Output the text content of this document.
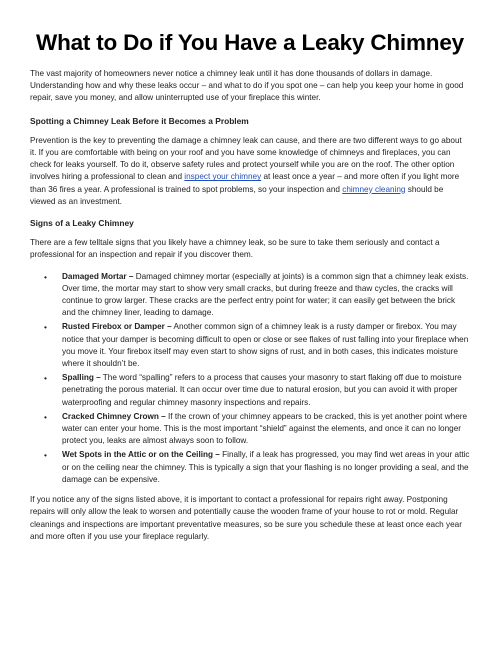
What to Do if You Have a Leaky Chimney

The vast majority of homeowners never notice a chimney leak until it has done thousands of dollars in damage. Understanding how and why these leaks occur – and what to do if you spot one – can help you keep your home in good repair, save you money, and allow uninterrupted use of your fireplace this winter.

Spotting a Chimney Leak Before it Becomes a Problem

Prevention is the key to preventing the damage a chimney leak can cause, and there are two different ways to go about it. If you are comfortable with being on your roof and you have some knowledge of chimneys and fireplaces, you can check for leaks yourself. To do it, observe safety rules and protect yourself while you are on the roof. The other option involves hiring a professional to clean and inspect your chimney at least once a year – and more often if you light more than 36 fires a year. A professional is trained to spot problems, so your inspection and chimney cleaning should be viewed as an investment.

Signs of a Leaky Chimney

There are a few telltale signs that you likely have a chimney leak, so be sure to take them seriously and contact a professional for an inspection and repair if you discover them.

• Damaged Mortar – Damaged chimney mortar (especially at joints) is a common sign that a chimney leak exists. Over time, the mortar may start to show very small cracks, but during freeze and thaw cycles, the cracks will continue to grow larger. These cracks are the perfect entry point for water; it can easily get between the brick and the chimney liner, leading to damage.
• Rusted Firebox or Damper – Another common sign of a chimney leak is a rusty damper or firebox. You may notice that your damper is becoming difficult to open or close or see flakes of rust falling into your fireplace when you move it. Your firebox itself may even start to show signs of rust, and in both cases, this indicates moisture where it shouldn’t be.
• Spalling – The word “spalling” refers to a process that causes your masonry to start flaking off due to moisture penetrating the porous material. It can occur over time due to natural erosion, but you can avoid it with proper waterproofing and regular chimney masonry inspections and repairs.
• Cracked Chimney Crown – If the crown of your chimney appears to be cracked, this is yet another point where water can enter your home. This is the most important “shield” against the elements, and once it can no longer protect you, leaks are almost always soon to follow.
• Wet Spots in the Attic or on the Ceiling – Finally, if a leak has progressed, you may find wet areas in your attic or on the ceiling near the chimney. This is typically a sign that your flashing is no longer providing a seal, and the damage can be expensive.

If you notice any of the signs listed above, it is important to contact a professional for repairs right away. Postponing repairs will only allow the leak to worsen and potentially cause the wooden frame of your house to rot or mold. Regular cleanings and inspections are important preventative measures, so be sure you schedule these at least once each year and more often if you use your fireplace regularly.
